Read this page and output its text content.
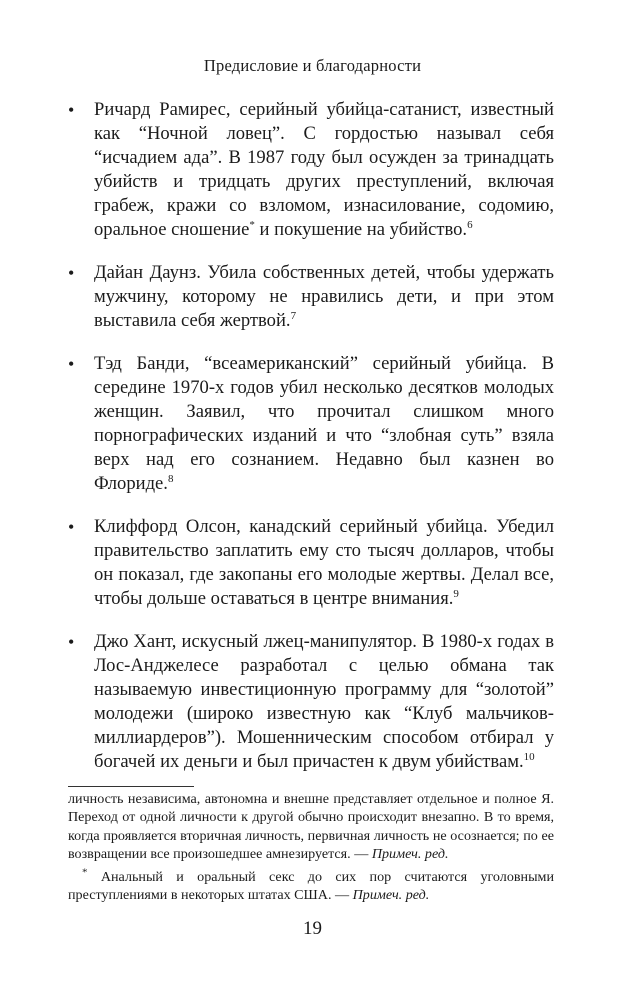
Предисловие и благодарности
• Ричард Рамирес, серийный убийца-сатанист, известный как “Ночной ловец”. С гордостью называл себя “исчадием ада”. В 1987 году был осужден за тринадцать убийств и тридцать других преступлений, включая грабеж, кражи со взломом, изнасилование, содомию, оральное сношение* и покушение на убийство.$^6$
• Дайан Даунз. Убила собственных детей, чтобы удержать мужчину, которому не нравились дети, и при этом выставила себя жертвой.$^7$
• Тэд Банди, “всеамериканский” серийный убийца. В середине 1970-х годов убил несколько десятков молодых женщин. Заявил, что прочитал слишком много порнографических изданий и что “злобная суть” взяла верх над его сознанием. Недавно был казнен во Флориде.$^8$
• Клиффорд Олсон, канадский серийный убийца. Убедил правительство заплатить ему сто тысяч долларов, чтобы он показал, где закопаны его молодые жертвы. Делал все, чтобы дольше оставаться в центре внимания.$^9$
• Джо Хант, искусный лжец-манипулятор. В 1980-х годах в Лос-Анджелесе разработал с целью обмана так называемую инвестиционную программу для “золотой” молодежи (широко известную как “Клуб мальчиков-миллиардеров”). Мошенническим способом отбирал у богачей их деньги и был причастен к двум убийствам.$^{10}$

личность независима, автономна и внешне представляет отдельное и полное Я. Переход от одной личности к другой обычно происходит внезапно. В то время, когда проявляется вторичная личность, первичная личность не осознается; по ее возвращении все произошедшее амнезируется. — Примеч. ред.

* Анальный и оральный секс до сих пор считаются уголовными преступлениями в некоторых штатах США. — Примеч. ред.

19
